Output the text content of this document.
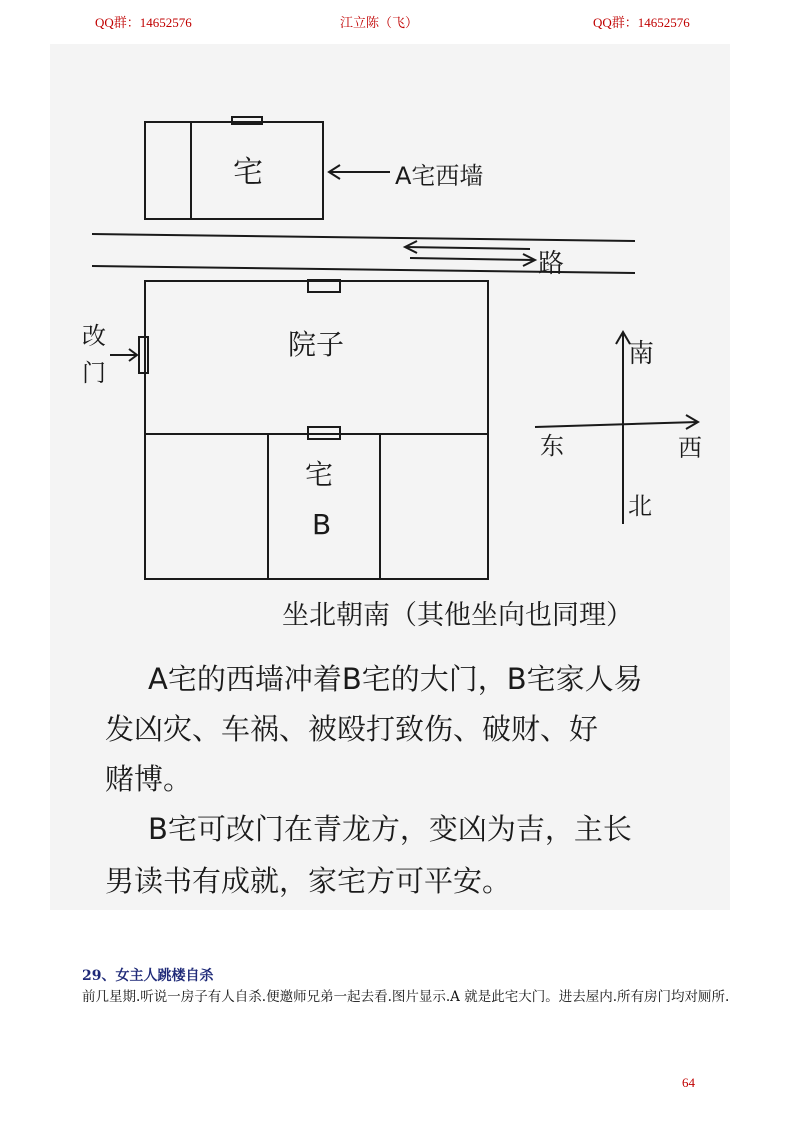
QQ群：14652576	江立陈（飞）	QQ群：14652576
宅	A宅西墙
路
改
门
院子
宅
B
南
东	西
北
坐北朝南（其他坐向也同理）
A宅的西墙冲着B宅的大门，B宅家人易
发凶灾、车祸、被殴打致伤、破财、好
赌博。
B宅可改门在青龙方，变凶为吉，主长
男读书有成就，家宅方可平安。
29、女主人跳楼自杀
前几星期.听说一房子有人自杀.便邀师兄弟一起去看.图片显示.A 就是此宅大门。进去屋内.所有房门均对厕所.
64
